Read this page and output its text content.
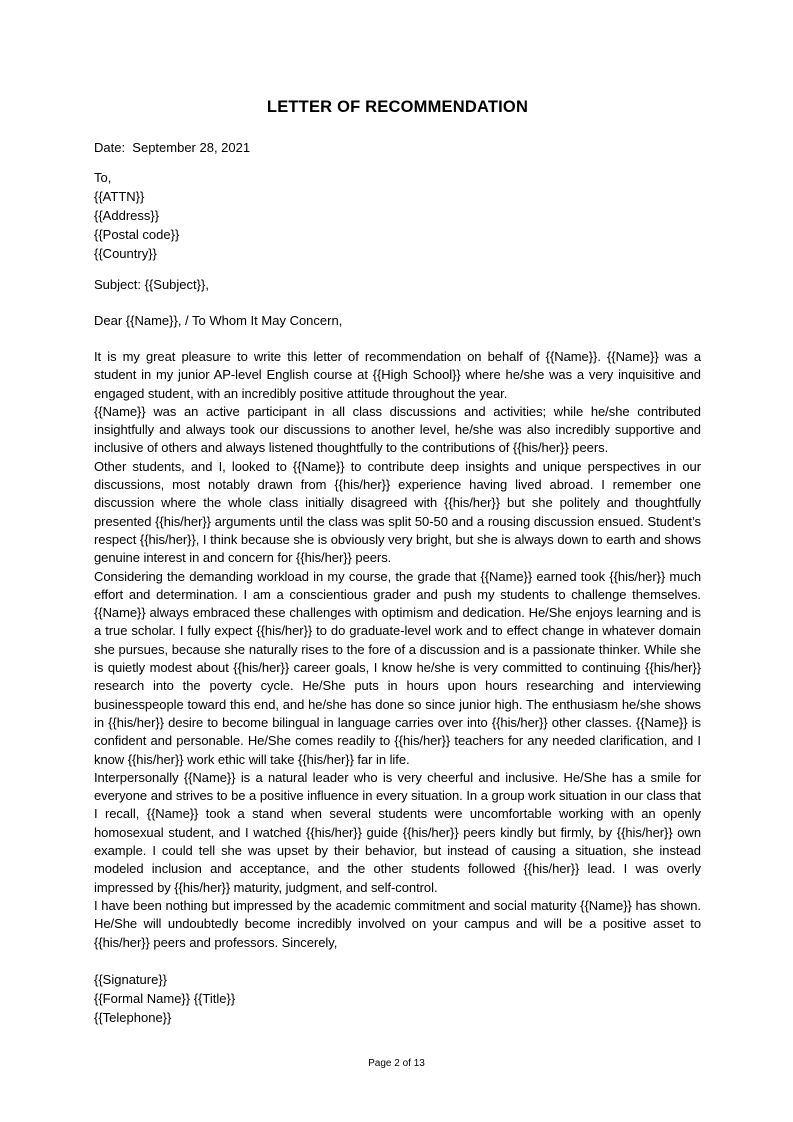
LETTER OF RECOMMENDATION
Date:  September 28, 2021
To,
{{ATTN}}
{{Address}}
{{Postal code}}
{{Country}}
Subject: {{Subject}},
Dear {{Name}}, / To Whom It May Concern,

It is my great pleasure to write this letter of recommendation on behalf of {{Name}}. {{Name}} was a student in my junior AP-level English course at {{High School}} where he/she was a very inquisitive and engaged student, with an incredibly positive attitude throughout the year.

{{Name}} was an active participant in all class discussions and activities; while he/she contributed insightfully and always took our discussions to another level, he/she was also incredibly supportive and inclusive of others and always listened thoughtfully to the contributions of {{his/her}} peers.

Other students, and I, looked to {{Name}} to contribute deep insights and unique perspectives in our discussions, most notably drawn from {{his/her}} experience having lived abroad. I remember one discussion where the whole class initially disagreed with {{his/her}} but she politely and thoughtfully presented {{his/her}} arguments until the class was split 50-50 and a rousing discussion ensued. Student’s respect {{his/her}}, I think because she is obviously very bright, but she is always down to earth and shows genuine interest in and concern for {{his/her}} peers.

Considering the demanding workload in my course, the grade that {{Name}} earned took {{his/her}} much effort and determination. I am a conscientious grader and push my students to challenge themselves. {{Name}} always embraced these challenges with optimism and dedication. He/She enjoys learning and is a true scholar. I fully expect {{his/her}} to do graduate-level work and to effect change in whatever domain she pursues, because she naturally rises to the fore of a discussion and is a passionate thinker. While she is quietly modest about {{his/her}} career goals, I know he/she is very committed to continuing {{his/her}} research into the poverty cycle. He/She puts in hours upon hours researching and interviewing businesspeople toward this end, and he/she has done so since junior high. The enthusiasm he/she shows in {{his/her}} desire to become bilingual in language carries over into {{his/her}} other classes. {{Name}} is confident and personable. He/She comes readily to {{his/her}} teachers for any needed clarification, and I know {{his/her}} work ethic will take {{his/her}} far in life.

Interpersonally {{Name}} is a natural leader who is very cheerful and inclusive. He/She has a smile for everyone and strives to be a positive influence in every situation. In a group work situation in our class that I recall, {{Name}} took a stand when several students were uncomfortable working with an openly homosexual student, and I watched {{his/her}} guide {{his/her}} peers kindly but firmly, by {{his/her}} own example. I could tell she was upset by their behavior, but instead of causing a situation, she instead modeled inclusion and acceptance, and the other students followed {{his/her}} lead. I was overly impressed by {{his/her}} maturity, judgment, and self-control.

I have been nothing but impressed by the academic commitment and social maturity {{Name}} has shown. He/She will undoubtedly become incredibly involved on your campus and will be a positive asset to {{his/her}} peers and professors. Sincerely,

{{Signature}}
{{Formal Name}} {{Title}}
{{Telephone}}
Page 2 of 13
